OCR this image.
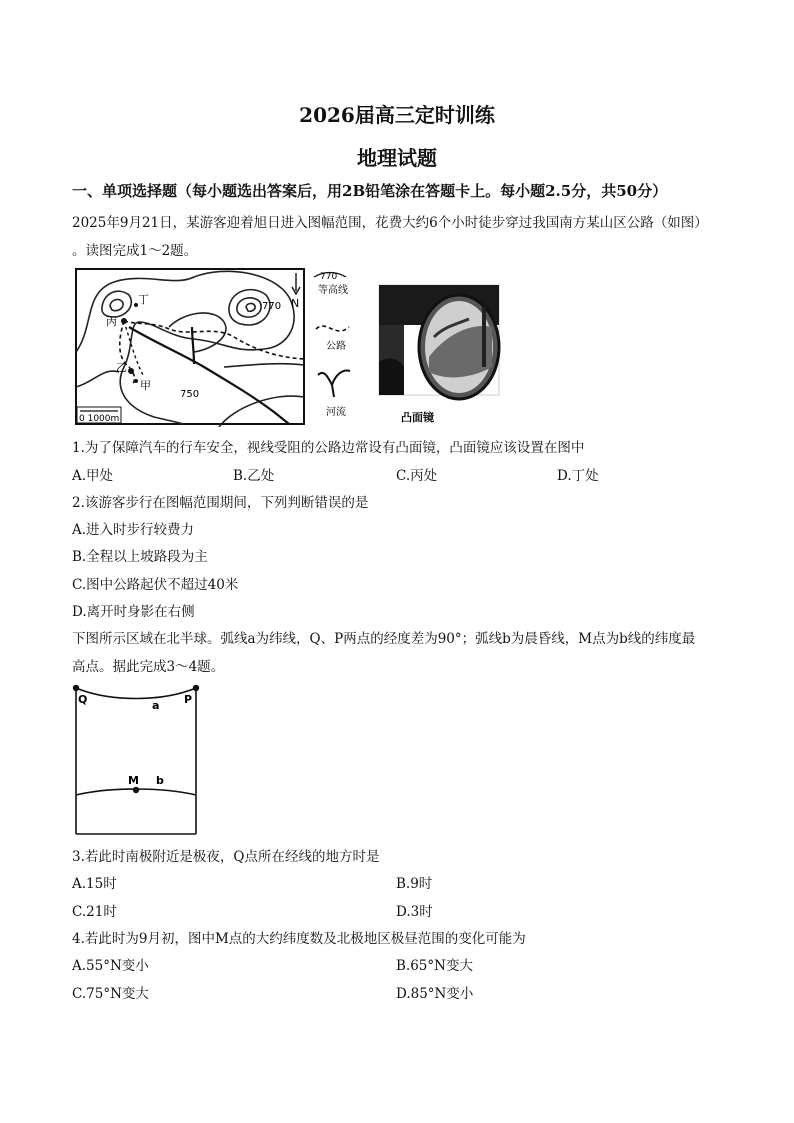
2026届高三定时训练
地理试题
一、单项选择题（每小题选出答案后，用2B铅笔涂在答题卡上。每小题2.5分，共50分）
2025年9月21日，某游客迎着旭日进入图幅范围，花费大约6个小时徒步穿过我国南方某山区公路（如图）
。读图完成1～2题。
丁
丙
乙
甲
770
750
N
0 1000m
770
等高线
公路
河流	凸面镜
1.为了保障汽车的行车安全，视线受阻的公路边常设有凸面镜，凸面镜应该设置在图中
A.甲处	B.乙处	C.丙处	D.丁处
2.该游客步行在图幅范围期间，下列判断错误的是
A.进入时步行较费力
B.全程以上坡路段为主
C.图中公路起伏不超过40米
D.离开时身影在右侧
下图所示区域在北半球。弧线a为纬线，Q、P两点的经度差为90°；弧线b为晨昏线，M点为b线的纬度最
高点。据此完成3～4题。
Q	P
a
M b
3.若此时南极附近是极夜，Q点所在经线的地方时是
A.15时	B.9时
C.21时	D.3时
4.若此时为9月初，图中M点的大约纬度数及北极地区极昼范围的变化可能为
A.55°N变小	B.65°N变大
C.75°N变大	D.85°N变小
